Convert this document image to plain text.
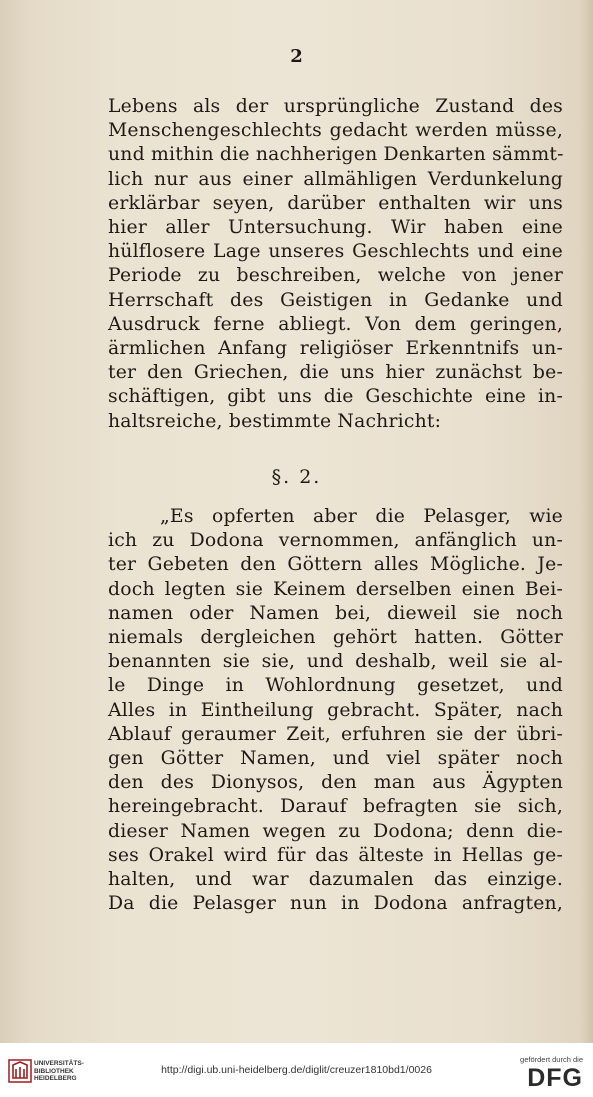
2
Lebens als der ursprüngliche Zustand des
Menschengeschlechts gedacht werden müsse,
und mithin die nachherigen Denkarten sämmt-
lich nur aus einer allmähligen Verdunkelung
erklärbar seyen, darüber enthalten wir uns
hier aller Untersuchung. Wir haben eine
hülflosere Lage unseres Geschlechts und eine
Periode zu beschreiben, welche von jener
Herrschaft des Geistigen in Gedanke und
Ausdruck ferne abliegt. Von dem geringen,
ärmlichen Anfang religiöser Erkenntnifs un-
ter den Griechen, die uns hier zunächst be-
schäftigen, gibt uns die Geschichte eine in-
haltsreiche, bestimmte Nachricht:
§. 2.
„Es opferten aber die Pelasger, wie
ich zu Dodona vernommen, anfänglich un-
ter Gebeten den Göttern alles Mögliche. Je-
doch legten sie Keinem derselben einen Bei-
namen oder Namen bei, dieweil sie noch
niemals dergleichen gehört hatten. Götter
benannten sie sie, und deshalb, weil sie al-
le Dinge in Wohlordnung gesetzet, und
Alles in Eintheilung gebracht. Später, nach
Ablauf geraumer Zeit, erfuhren sie der übri-
gen Götter Namen, und viel später noch
den des Dionysos, den man aus Ägypten
hereingebracht. Darauf befragten sie sich,
dieser Namen wegen zu Dodona; denn die-
ses Orakel wird für das älteste in Hellas ge-
halten, und war dazumalen das einzige.
Da die Pelasger nun in Dodona anfragten,
UNIVERSITÄTS-
BIBLIOTHEK
HEIDELBERG
http://digi.ub.uni-heidelberg.de/diglit/creuzer1810bd1/0026
gefördert durch die
DFG
